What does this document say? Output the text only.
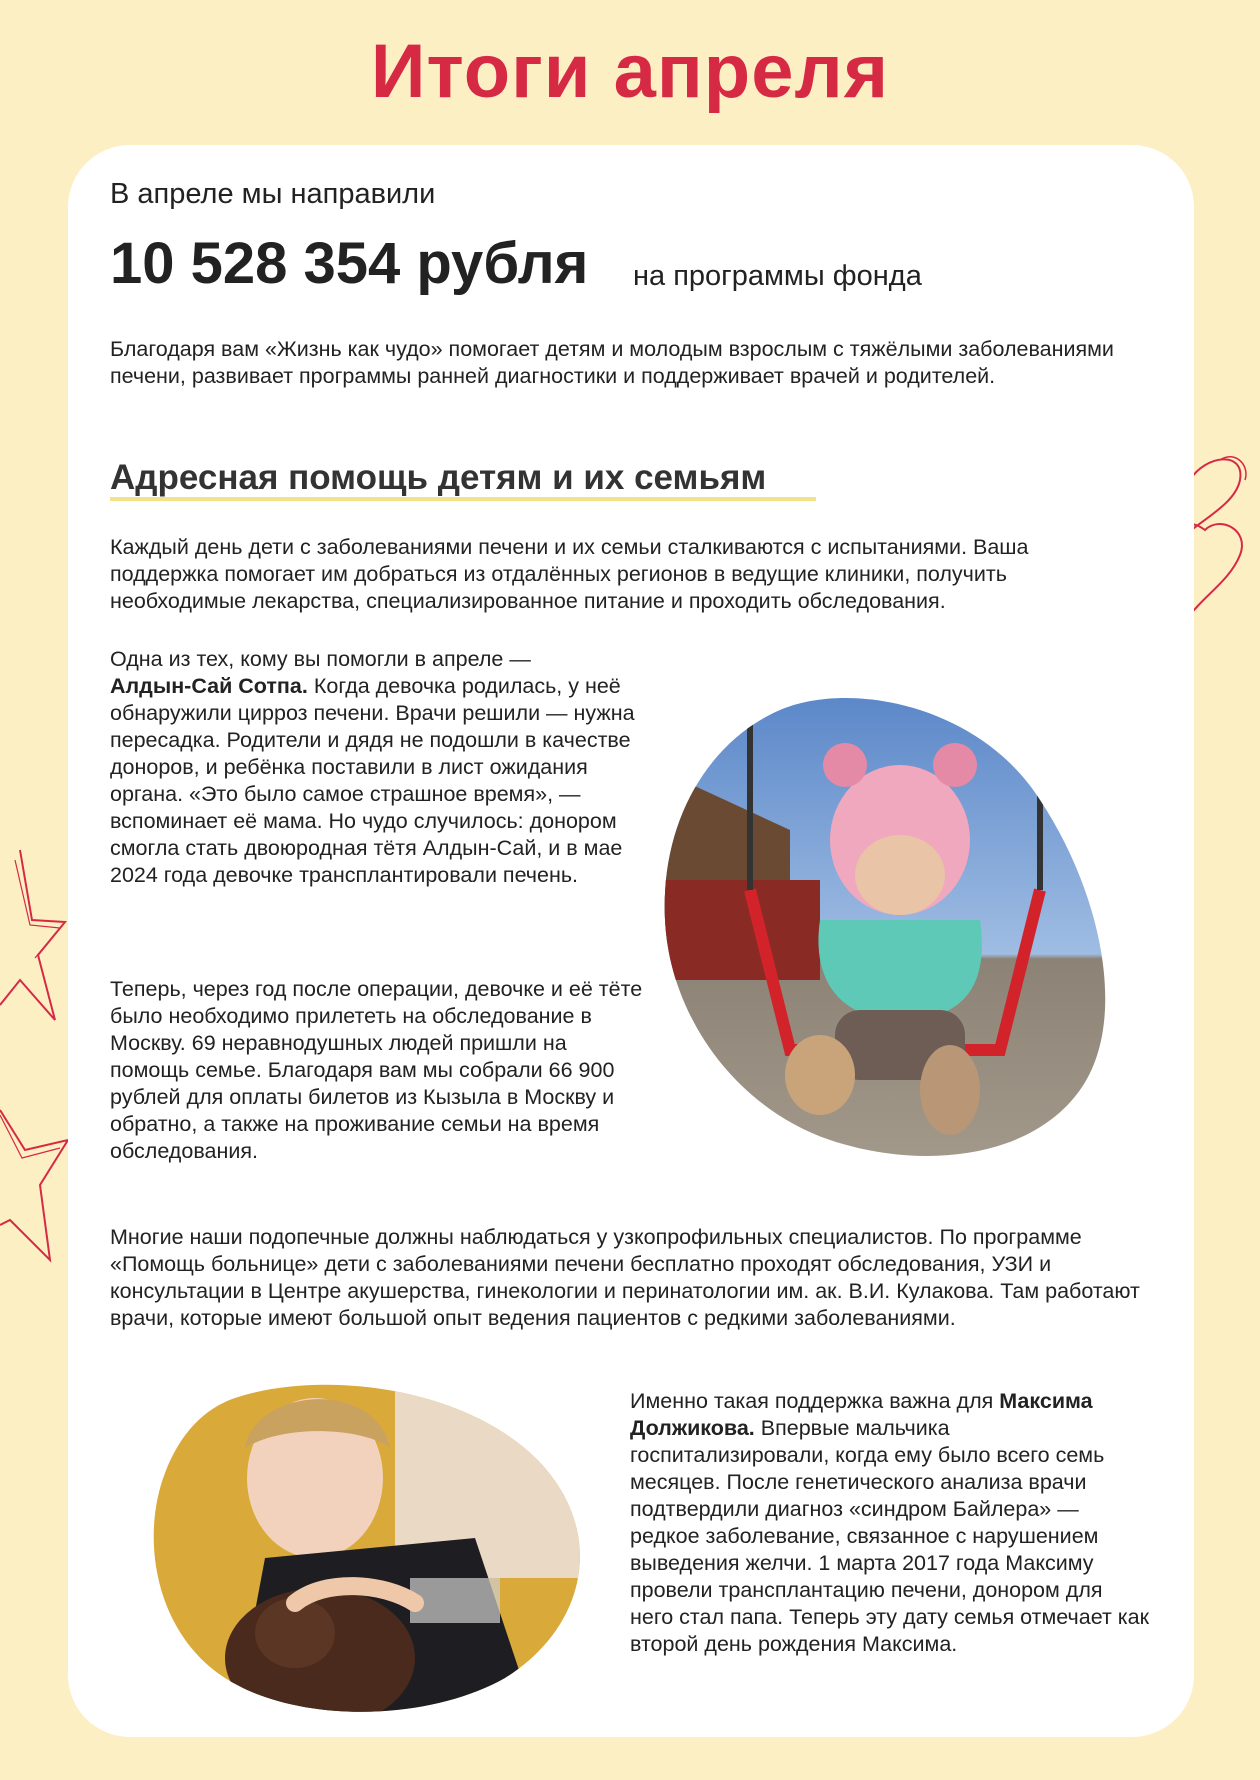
Итоги апреля
В апреле мы направили
10 528 354 рубля на программы фонда

Благодаря вам «Жизнь как чудо» помогает детям и молодым взрослым с тяжёлыми заболеваниями печени, развивает программы ранней диагностики и поддерживает врачей и родителей.

Адресная помощь детям и их семьям

Каждый день дети с заболеваниями печени и их семьи сталкиваются с испытаниями. Ваша поддержка помогает им добраться из отдалённых регионов в ведущие клиники, получить необходимые лекарства, специализированное питание и проходить обследования.

Одна из тех, кому вы помогли в апреле —
Алдын-Сай Сотпа. Когда девочка родилась, у неё обнаружили цирроз печени. Врачи решили — нужна пересадка. Родители и дядя не подошли в качестве доноров, и ребёнка поставили в лист ожидания органа. «Это было самое страшное время», — вспоминает её мама. Но чудо случилось: донором смогла стать двоюродная тётя Алдын-Сай, и в мае 2024 года девочке трансплантировали печень.

Теперь, через год после операции, девочке и её тёте было необходимо прилететь на обследование в Москву. 69 неравнодушных людей пришли на помощь семье. Благодаря вам мы собрали 66 900 рублей для оплаты билетов из Кызыла в Москву и обратно, а также на проживание семьи на время обследования.

Многие наши подопечные должны наблюдаться у узкопрофильных специалистов. По программе «Помощь больнице» дети с заболеваниями печени бесплатно проходят обследования, УЗИ и консультации в Центре акушерства, гинекологии и перинатологии им. ак. В.И. Кулакова. Там работают врачи, которые имеют большой опыт ведения пациентов с редкими заболеваниями.

Именно такая поддержка важна для Максима Должикова. Впервые мальчика госпитализировали, когда ему было всего семь месяцев. После генетического анализа врачи подтвердили диагноз «синдром Байлера» — редкое заболевание, связанное с нарушением выведения желчи. 1 марта 2017 года Максиму провели трансплантацию печени, донором для него стал папа. Теперь эту дату семья отмечает как второй день рождения Максима.
